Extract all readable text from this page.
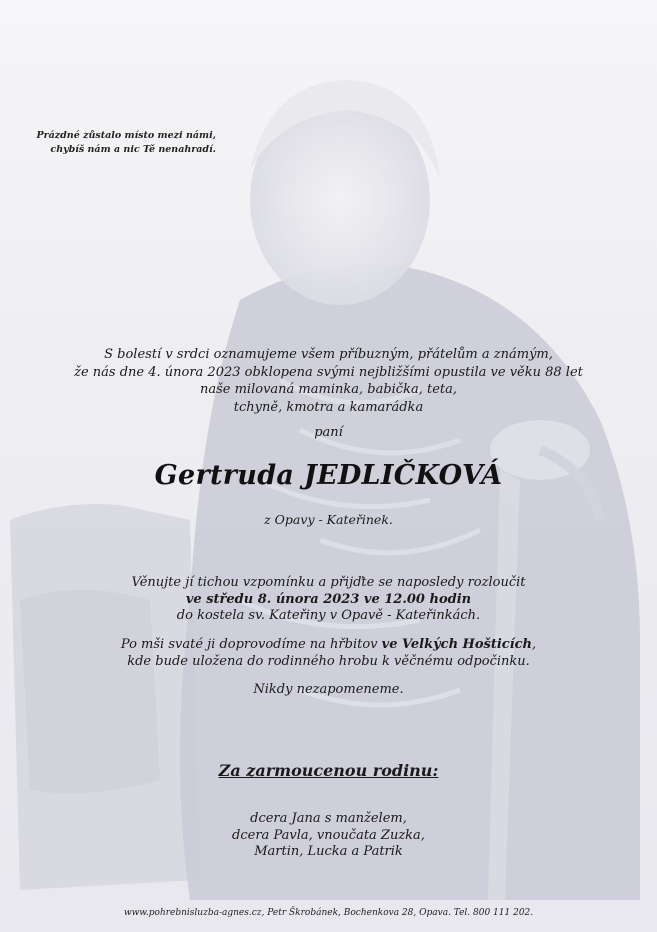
Prázdné zůstalo místo mezi námi,
chybíš nám a nic Tě nenahradí.
S bolestí v srdci oznamujeme všem příbuzným, přátelům a známým,
že nás dne 4. února 2023 obklopena svými nejbližšími opustila ve věku 88 let
naše milovaná maminka, babička, teta,
tchyně, kmotra a kamarádka
paní
Gertruda JEDLIČKOVÁ
z Opavy - Kateřinek.
Věnujte jí tichou vzpomínku a přijďte se naposledy rozloučit
ve středu 8. února 2023 ve 12.00 hodin
do kostela sv. Kateřiny v Opavě - Kateřinkách.
Po mši svaté ji doprovodíme na hřbitov ve Velkých Hošticích,
kde bude uložena do rodinného hrobu k věčnému odpočinku.
Nikdy nezapomeneme.
Za zarmoucenou rodinu:
dcera Jana s manželem,
dcera Pavla, vnoučata Zuzka,
Martin, Lucka a Patrik
www.pohrebnisluzba-agnes.cz, Petr Škrobánek, Bochenkova 28, Opava. Tel. 800 111 202.
